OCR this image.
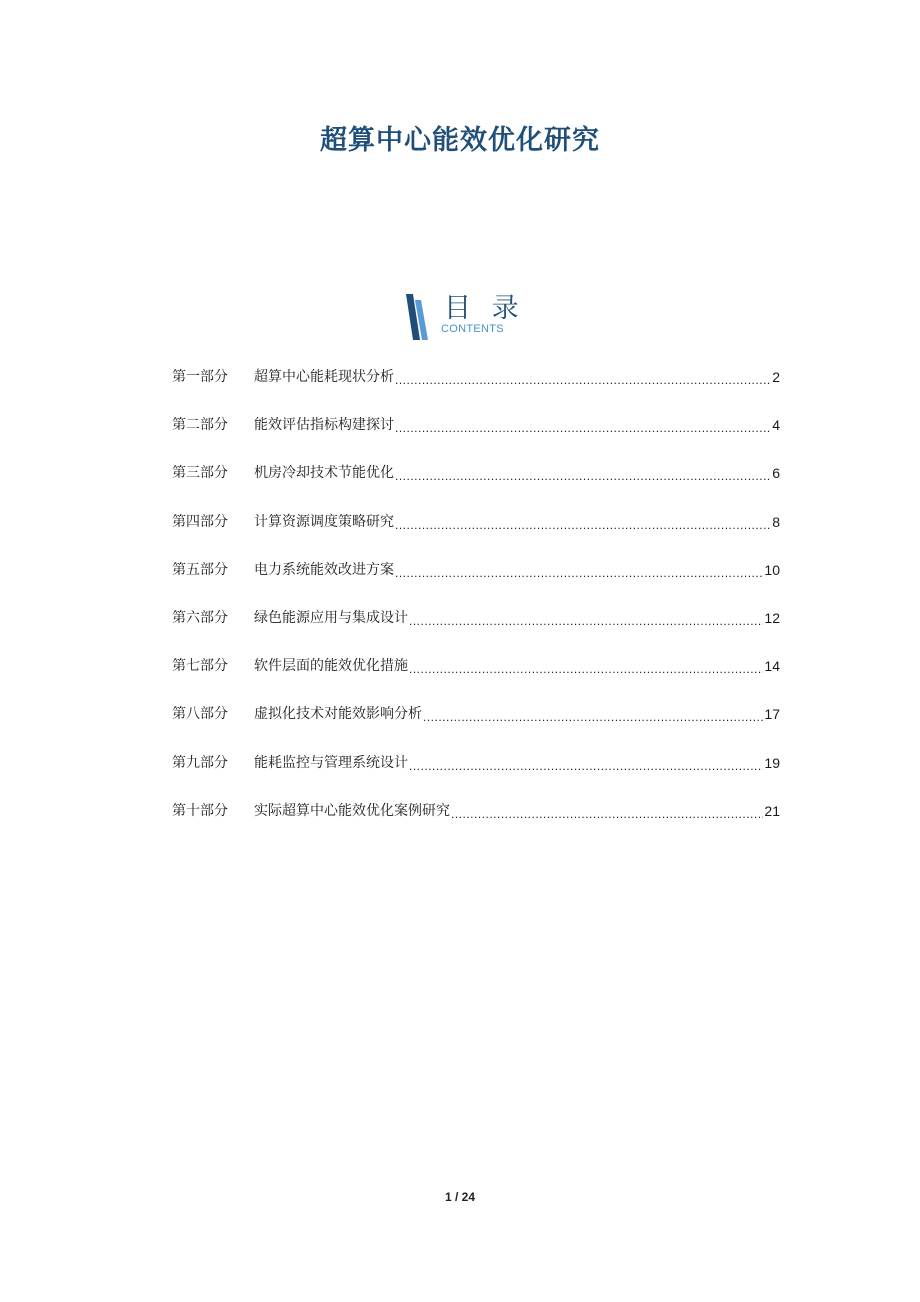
超算中心能效优化研究
目 录
CONTENTS
第一部分	超算中心能耗现状分析 .....	2
第二部分	能效评估指标构建探讨 .....	4
第三部分	机房冷却技术节能优化 .....	6
第四部分	计算资源调度策略研究 .....	8
第五部分	电力系统能效改进方案 .....	10
第六部分	绿色能源应用与集成设计 .....	12
第七部分	软件层面的能效优化措施 .....	14
第八部分	虚拟化技术对能效影响分析 .....	17
第九部分	能耗监控与管理系统设计 .....	19
第十部分	实际超算中心能效优化案例研究 .....	21
1 / 24
